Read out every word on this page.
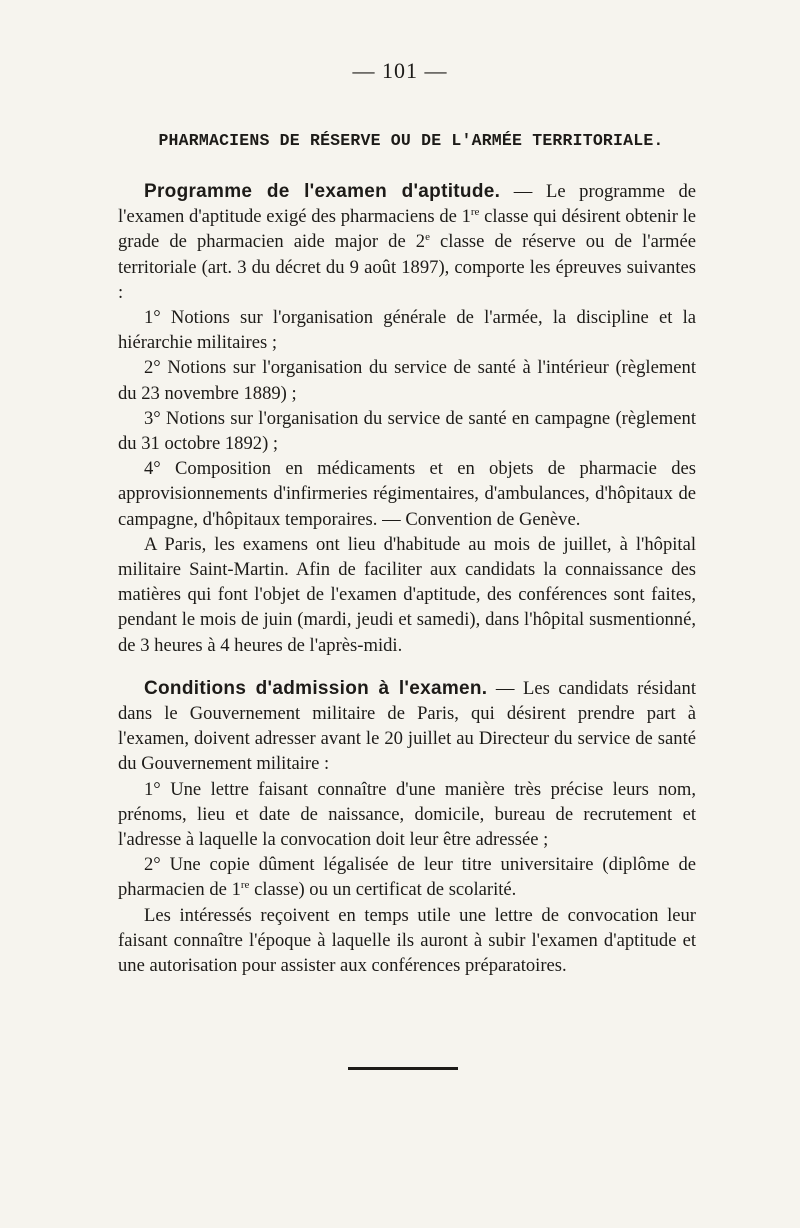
— 101 —
PHARMACIENS DE RÉSERVE OU DE L'ARMÉE TERRITORIALE.

Programme de l'examen d'aptitude. — Le programme de l'examen d'aptitude exigé des pharmaciens de 1re classe qui désirent obtenir le grade de pharmacien aide major de 2e classe de réserve ou de l'armée territoriale (art. 3 du décret du 9 août 1897), comporte les épreuves suivantes :

1° Notions sur l'organisation générale de l'armée, la discipline et la hiérarchie militaires ;

2° Notions sur l'organisation du service de santé à l'intérieur (règlement du 23 novembre 1889) ;

3° Notions sur l'organisation du service de santé en campagne (règlement du 31 octobre 1892) ;

4° Composition en médicaments et en objets de pharmacie des approvisionnements d'infirmeries régimentaires, d'ambulances, d'hôpitaux de campagne, d'hôpitaux temporaires. — Convention de Genève.

A Paris, les examens ont lieu d'habitude au mois de juillet, à l'hôpital militaire Saint-Martin. Afin de faciliter aux candidats la connaissance des matières qui font l'objet de l'examen d'aptitude, des conférences sont faites, pendant le mois de juin (mardi, jeudi et samedi), dans l'hôpital susmentionné, de 3 heures à 4 heures de l'après-midi.

Conditions d'admission à l'examen. — Les candidats résidant dans le Gouvernement militaire de Paris, qui désirent prendre part à l'examen, doivent adresser avant le 20 juillet au Directeur du service de santé du Gouvernement militaire :

1° Une lettre faisant connaître d'une manière très précise leurs nom, prénoms, lieu et date de naissance, domicile, bureau de recrutement et l'adresse à laquelle la convocation doit leur être adressée ;

2° Une copie dûment légalisée de leur titre universitaire (diplôme de pharmacien de 1re classe) ou un certificat de scolarité.

Les intéressés reçoivent en temps utile une lettre de convocation leur faisant connaître l'époque à laquelle ils auront à subir l'examen d'aptitude et une autorisation pour assister aux conférences préparatoires.
